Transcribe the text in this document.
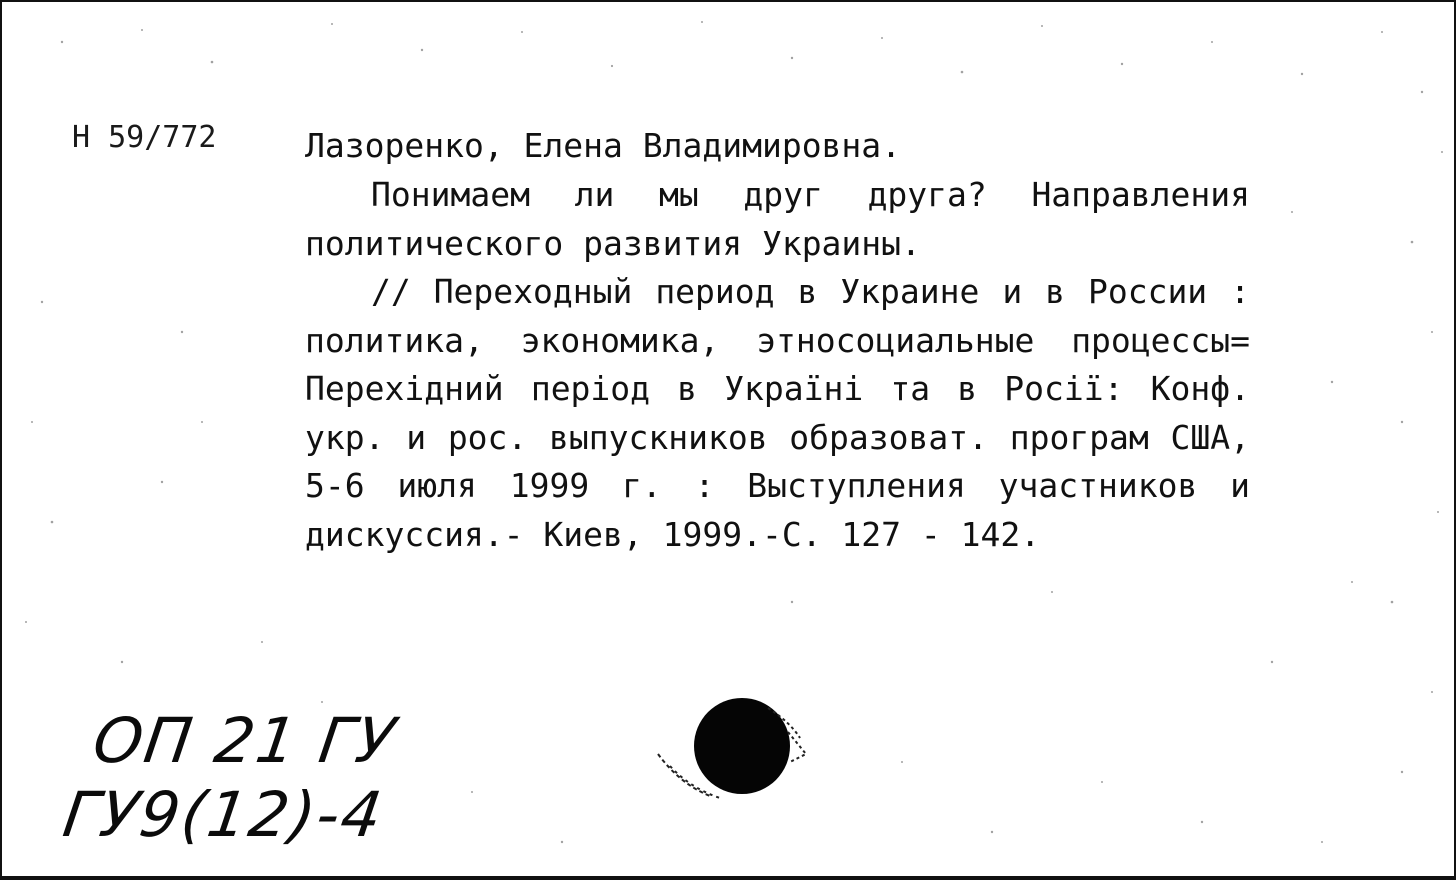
Н 59/772	Лазоренко, Елена Владимировна.
Понимаем ли мы друг друга? Направления политического развития Украины.
// Переходный период в Украине и в России : политика, экономика, этносоциальные процессы= Перехідний період в Україні та в Росії: Конф. укр. и рос. выпускников образоват. програм США, 5-6 июля 1999 г. : Выступления участников и дискуссия.- Киев, 1999.-С. 127 - 142.
ОП 21 ГУ
ГУ9(12)-4
